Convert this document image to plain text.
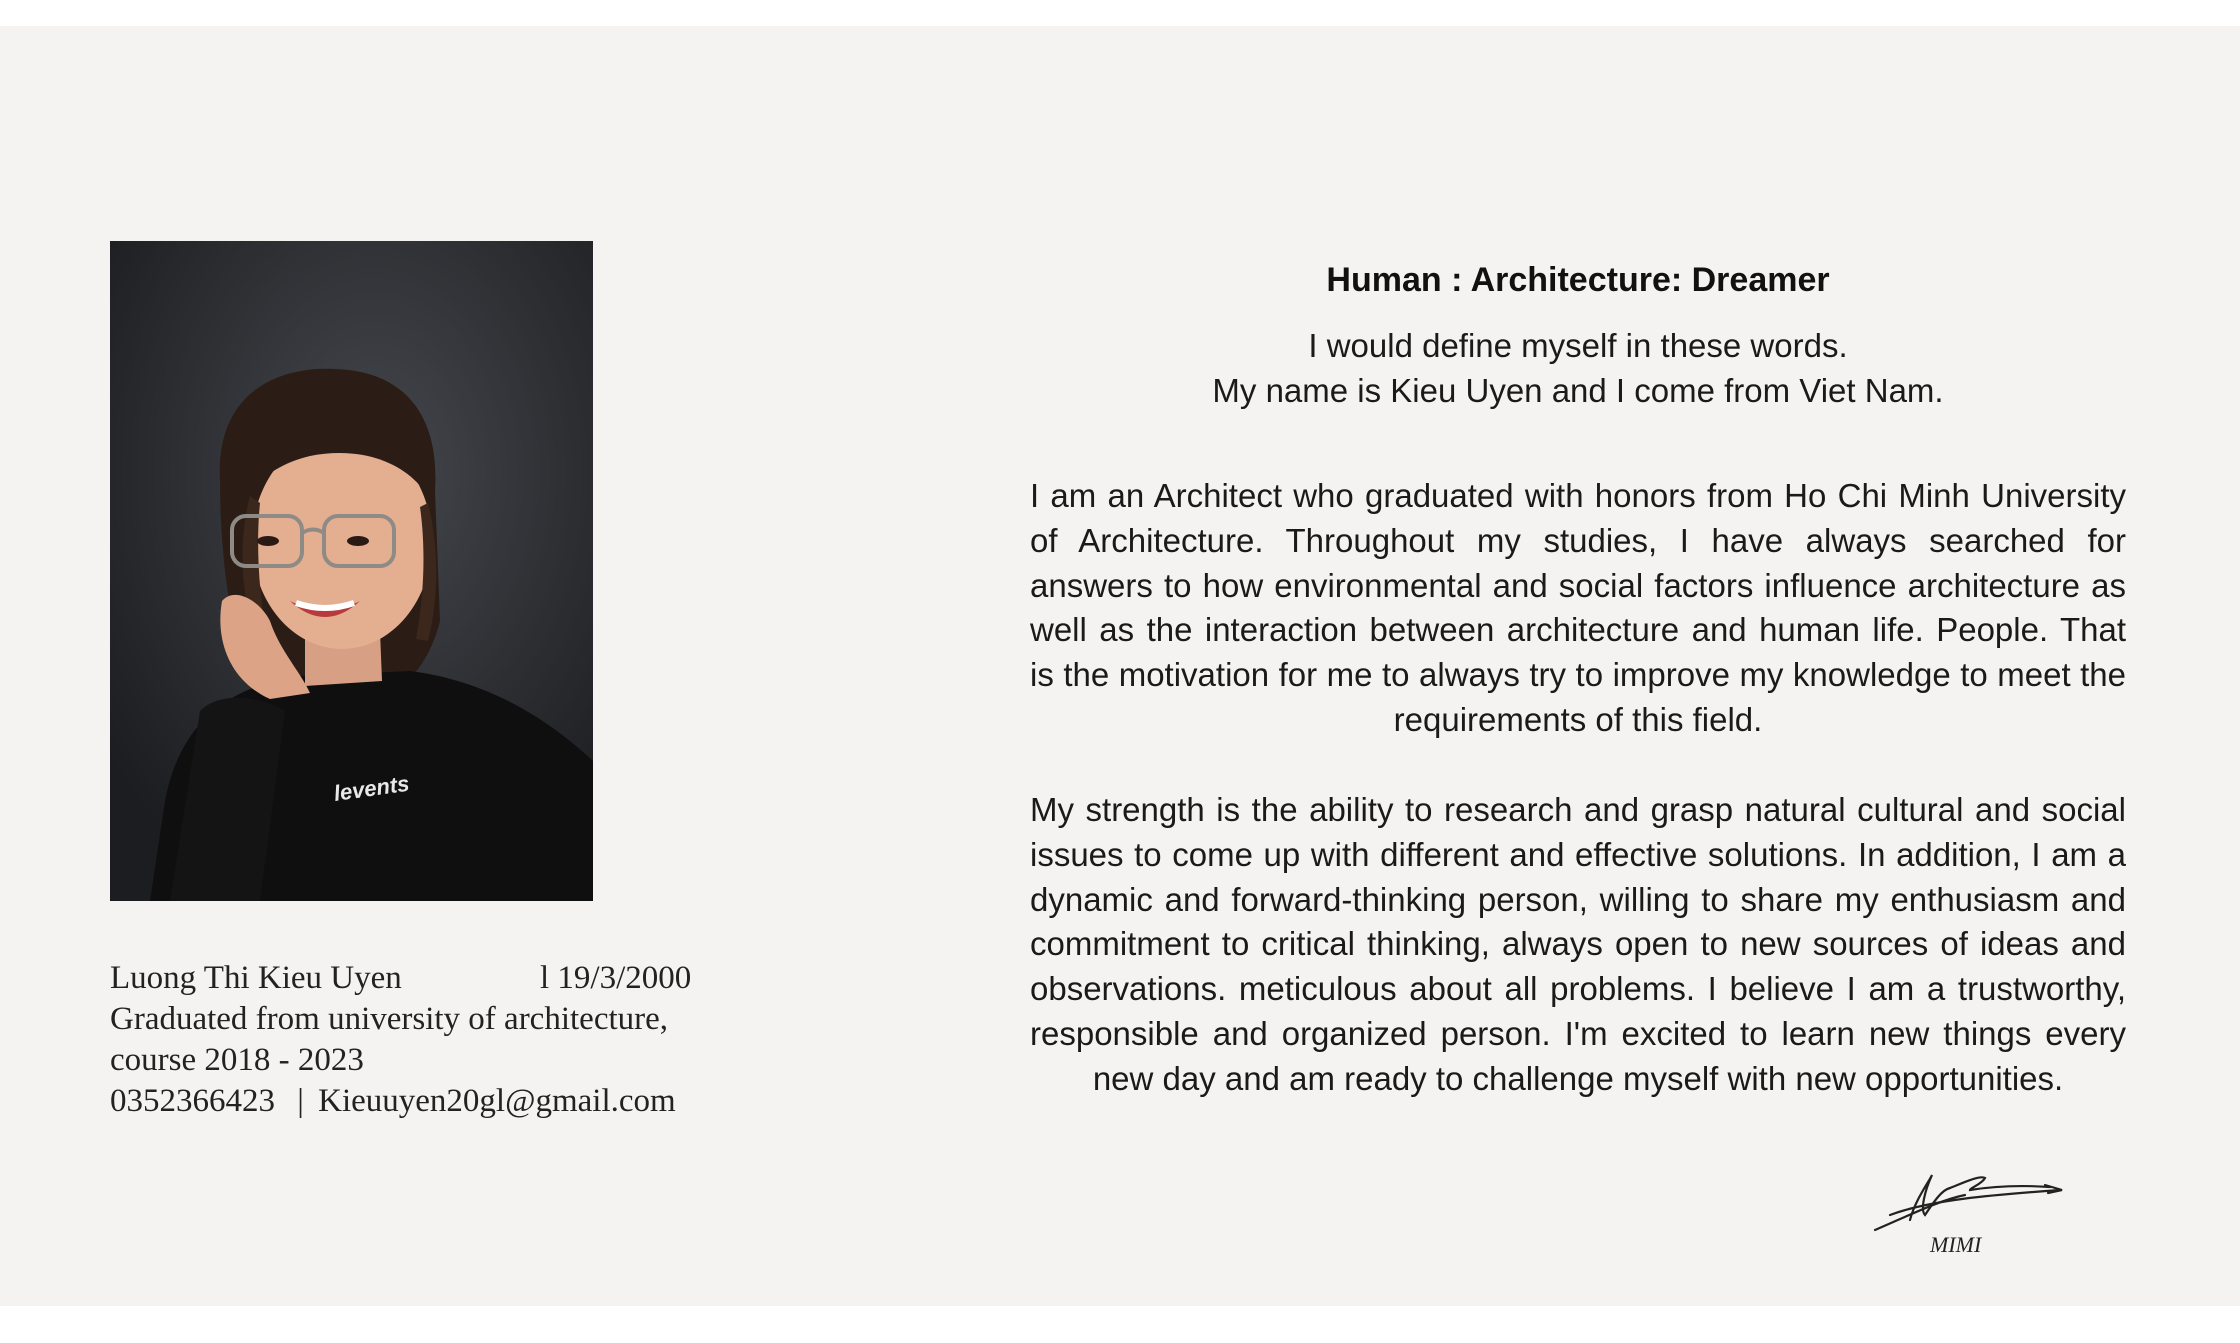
levents
Luong Thi Kieu Uyen	l 19/3/2000
Graduated from university of architecture,
course 2018 - 2023
0352366423 | Kieuuyen20gl@gmail.com
Human : Architecture: Dreamer
I would define myself in these words.
My name is Kieu Uyen and I come from Viet Nam.
I am an Architect who graduated with honors from Ho Chi Minh University of Architecture. Throughout my studies, I have always searched for answers to how environmental and social factors influence architecture as well as the interaction between architecture and human life. People. That is the motivation for me to always try to improve my knowledge to meet the requirements of this field.
My strength is the ability to research and grasp natural cultural and social issues to come up with different and effective solutions. In addition, I am a dynamic and forward-thinking person, willing to share my enthusiasm and commitment to critical thinking, always open to new sources of ideas and observations. meticulous about all problems. I believe I am a trustworthy, responsible and organized person. I'm excited to learn new things every new day and am ready to challenge myself with new opportunities.
MIMI
